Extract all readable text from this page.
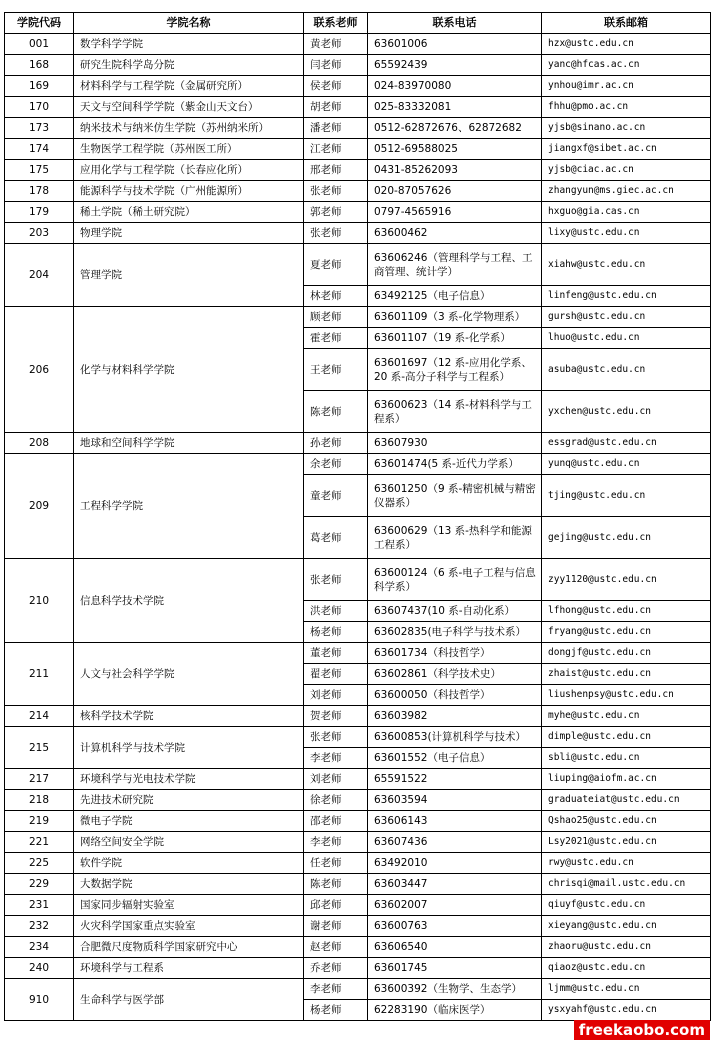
学院代码	学院名称	联系老师	联系电话	联系邮箱
001	数学科学学院	黄老师	63601006	hzx@ustc.edu.cn
168	研究生院科学岛分院	闫老师	65592439	yanc@hfcas.ac.cn
169	材料科学与工程学院（金属研究所）	侯老师	024-83970080	ynhou@imr.ac.cn
170	天文与空间科学学院（紫金山天文台）	胡老师	025-83332081	fhhu@pmo.ac.cn
173	纳米技术与纳米仿生学院（苏州纳米所）	潘老师	0512-62872676、62872682	yjsb@sinano.ac.cn
174	生物医学工程学院（苏州医工所）	江老师	0512-69588025	jiangxf@sibet.ac.cn
175	应用化学与工程学院（长春应化所）	邢老师	0431-85262093	yjsb@ciac.ac.cn
178	能源科学与技术学院（广州能源所）	张老师	020-87057626	zhangyun@ms.giec.ac.cn
179	稀土学院（稀土研究院）	郭老师	0797-4565916	hxguo@gia.cas.cn
203	物理学院	张老师	63600462	lixy@ustc.edu.cn
204	管理学院	夏老师	63606246（管理科学与工程、工商管理、统计学）	xiahw@ustc.edu.cn
		林老师	63492125（电子信息）	linfeng@ustc.edu.cn
206	化学与材料科学学院	顾老师	63601109（3 系-化学物理系）	gursh@ustc.edu.cn
		霍老师	63601107（19 系-化学系）	lhuo@ustc.edu.cn
		王老师	63601697（12 系-应用化学系、20 系-高分子科学与工程系）	asuba@ustc.edu.cn
		陈老师	63600623（14 系-材料科学与工程系）	yxchen@ustc.edu.cn
208	地球和空间科学学院	孙老师	63607930	essgrad@ustc.edu.cn
209	工程科学学院	余老师	63601474(5 系-近代力学系）	yunq@ustc.edu.cn
		童老师	63601250（9 系-精密机械与精密仪器系）	tjing@ustc.edu.cn
		葛老师	63600629（13 系-热科学和能源工程系）	gejing@ustc.edu.cn
210	信息科学技术学院	张老师	63600124（6 系-电子工程与信息科学系）	zyy1120@ustc.edu.cn
		洪老师	63607437(10 系-自动化系）	lfhong@ustc.edu.cn
		杨老师	63602835(电子科学与技术系）	fryang@ustc.edu.cn
211	人文与社会科学学院	董老师	63601734（科技哲学）	dongjf@ustc.edu.cn
		翟老师	63602861（科学技术史）	zhaist@ustc.edu.cn
		刘老师	63600050（科技哲学）	liushenpsy@ustc.edu.cn
214	核科学技术学院	贺老师	63603982	myhe@ustc.edu.cn
215	计算机科学与技术学院	张老师	63600853(计算机科学与技术）	dimple@ustc.edu.cn
		李老师	63601552（电子信息）	sbli@ustc.edu.cn
217	环境科学与光电技术学院	刘老师	65591522	liuping@aiofm.ac.cn
218	先进技术研究院	徐老师	63603594	graduateiat@ustc.edu.cn
219	微电子学院	邵老师	63606143	Qshao25@ustc.edu.cn
221	网络空间安全学院	李老师	63607436	Lsy2021@ustc.edu.cn
225	软件学院	任老师	63492010	rwy@ustc.edu.cn
229	大数据学院	陈老师	63603447	chrisqi@mail.ustc.edu.cn
231	国家同步辐射实验室	邱老师	63602007	qiuyf@ustc.edu.cn
232	火灾科学国家重点实验室	谢老师	63600763	xieyang@ustc.edu.cn
234	合肥微尺度物质科学国家研究中心	赵老师	63606540	zhaoru@ustc.edu.cn
240	环境科学与工程系	乔老师	63601745	qiaoz@ustc.edu.cn
910	生命科学与医学部	李老师	63600392（生物学、生态学）	ljmm@ustc.edu.cn
		杨老师	62283190（临床医学）	ysxyahf@ustc.edu.cn
freekaobo.com
